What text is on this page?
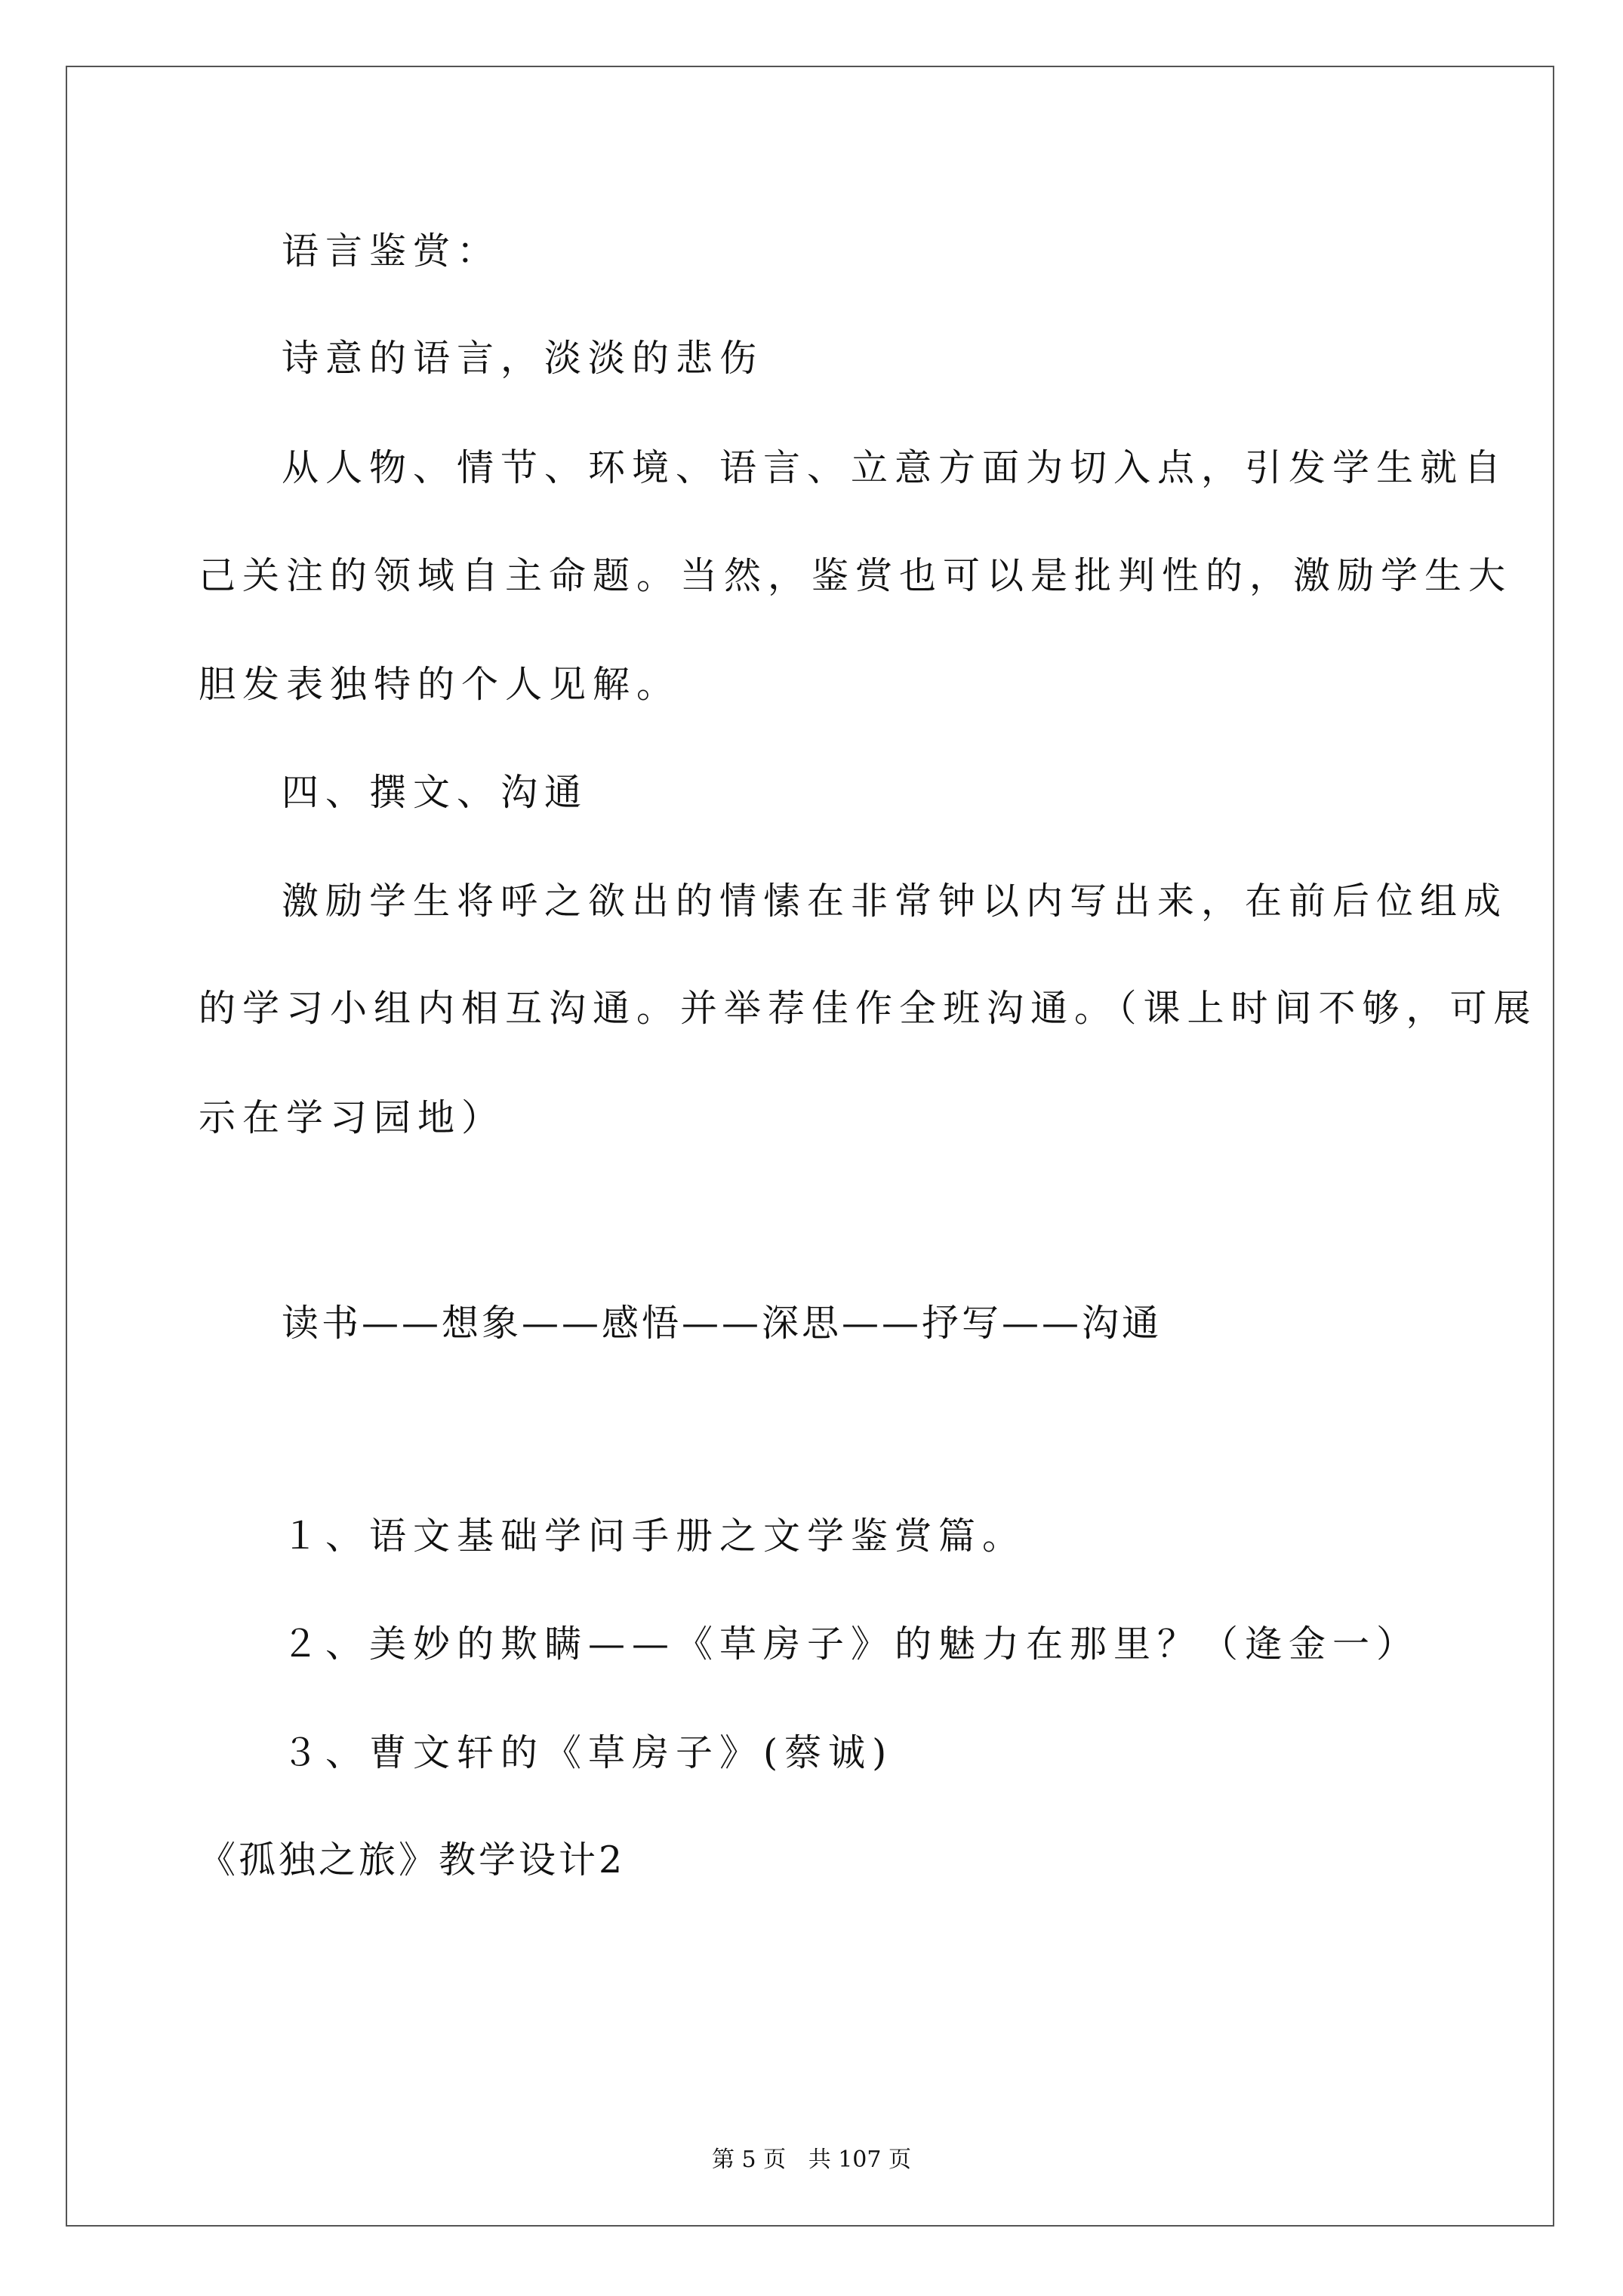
语言鉴赏：
诗意的语言，淡淡的悲伤
从人物、情节、环境、语言、立意方面为切入点，引发学生就自
己关注的领域自主命题。当然，鉴赏也可以是批判性的，激励学生大
胆发表独特的个人见解。
四、撰文、沟通
激励学生将呼之欲出的情愫在非常钟以内写出来，在前后位组成
的学习小组内相互沟通。并举荐佳作全班沟通。（课上时间不够，可展
示在学习园地）
读书——想象——感悟——深思——抒写——沟通
１、语文基础学问手册之文学鉴赏篇。
２、美妙的欺瞒——《草房子》的魅力在那里？（逄金一）
３、曹文轩的《草房子》(蔡诚)
《孤独之旅》教学设计2
第 5 页 共 107 页
